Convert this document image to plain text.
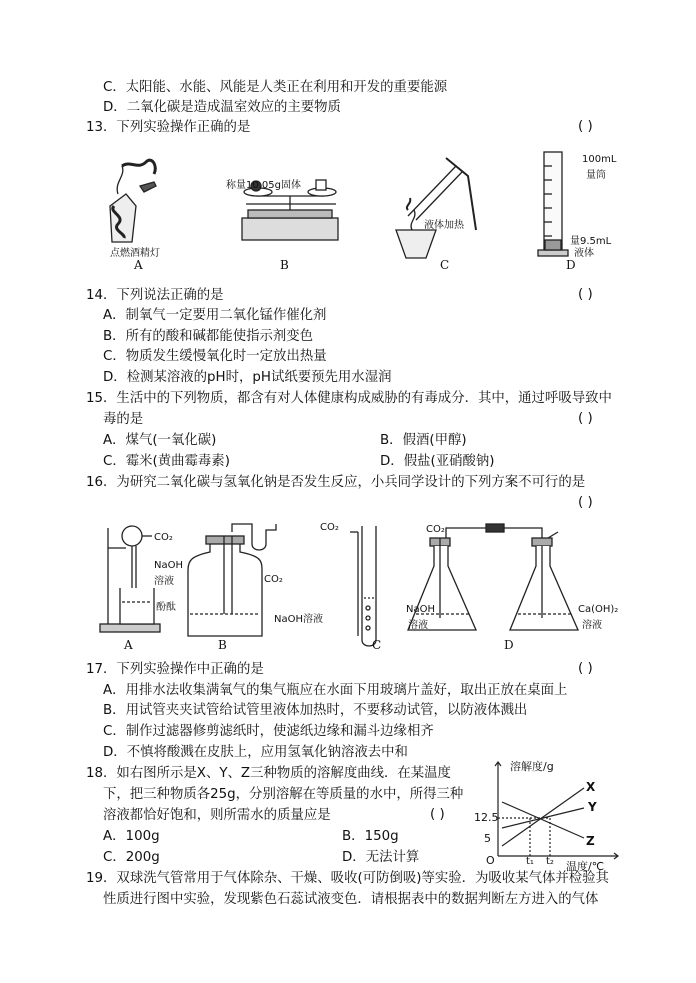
C．太阳能、水能、风能是人类正在利用和开发的重要能源
D．二氧化碳是造成温室效应的主要物质
13．下列实验操作正确的是	( )
点燃酒精灯
称量10.05g固体
液体加热
100mL
量筒
量9.5mL
液体
A	B	C	D
14．下列说法正确的是	( )
A．制氧气一定要用二氧化锰作催化剂
B．所有的酸和碱都能使指示剂变色
C．物质发生缓慢氧化时一定放出热量
D．检测某溶液的pH时，pH试纸要预先用水湿润
15．生活中的下列物质，都含有对人体健康构成威胁的有毒成分．其中，通过呼吸导致中
毒的是	( )
A．煤气(一氧化碳)	B．假酒(甲醇)
C．霉米(黄曲霉毒素)	D．假盐(亚硝酸钠)
16．为研究二氧化碳与氢氧化钠是否发生反应，小兵同学设计的下列方案不可行的是
( )
CO₂
NaOH
溶液
酚酞
CO₂
NaOH溶液
CO₂	CO₂
NaOH
溶液
Ca(OH)₂
溶液
A	B	C	D
17．下列实验操作中正确的是	( )
A．用排水法收集满氧气的集气瓶应在水面下用玻璃片盖好，取出正放在桌面上
B．用试管夹夹试管给试管里液体加热时，不要移动试管，以防液体溅出
C．制作过滤器修剪滤纸时，使滤纸边缘和漏斗边缘相齐
D．不慎将酸溅在皮肤上，应用氢氧化钠溶液去中和
18．如右图所示是X、Y、Z三种物质的溶解度曲线．在某温度
下，把三种物质各25g，分别溶解在等质量的水中，所得三种
溶液都恰好饱和，则所需水的质量应是	( )
A．100g	B．150g
C．200g	D．无法计算
溶解度/g
温度/℃
O
12.5
5
t₁ t₂
X
Y
Z
19．双球洗气管常用于气体除杂、干燥、吸收(可防倒吸)等实验．为吸收某气体并检验其
性质进行图中实验，发现紫色石蕊试液变色．请根据表中的数据判断左方进入的气体
